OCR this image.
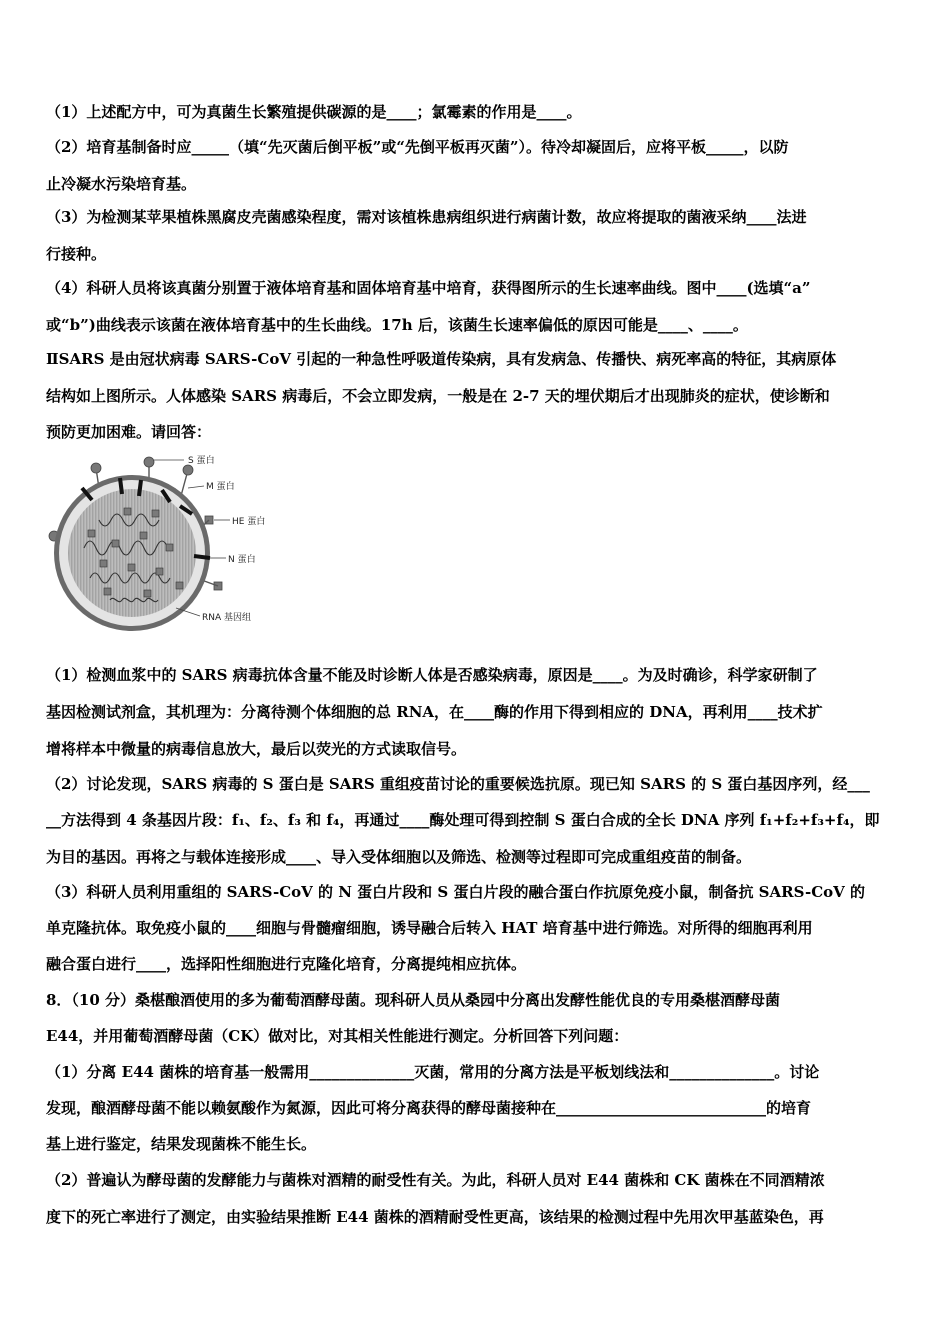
（1）上述配方中，可为真菌生长繁殖提供碳源的是____；氯霉素的作用是____。
（2）培育基制备时应_____（填“先灭菌后倒平板”或“先倒平板再灭菌”）。待冷却凝固后，应将平板_____，以防
止冷凝水污染培育基。
（3）为检测某苹果植株黑腐皮壳菌感染程度，需对该植株患病组织进行病菌计数，故应将提取的菌液采纳____法进
行接种。
（4）科研人员将该真菌分别置于液体培育基和固体培育基中培育，获得图所示的生长速率曲线。图中____(选填“a”
或“b”)曲线表示该菌在液体培育基中的生长曲线。17h 后，该菌生长速率偏低的原因可能是____、____。
ⅡSARS 是由冠状病毒 SARS-CoV 引起的一种急性呼吸道传染病，具有发病急、传播快、病死率高的特征，其病原体
结构如上图所示。人体感染 SARS 病毒后，不会立即发病，一般是在 2-7 天的埋伏期后才出现肺炎的症状，使诊断和
预防更加困难。请回答：
S 蛋白
M 蛋白
HE 蛋白
N 蛋白
RNA 基因组
（1）检测血浆中的 SARS 病毒抗体含量不能及时诊断人体是否感染病毒，原因是____。为及时确诊，科学家研制了
基因检测试剂盒，其机理为：分离待测个体细胞的总 RNA，在____酶的作用下得到相应的 DNA，再利用____技术扩
增将样本中微量的病毒信息放大，最后以荧光的方式读取信号。
（2）讨论发现，SARS 病毒的 S 蛋白是 SARS 重组疫苗讨论的重要候选抗原。现已知 SARS 的 S 蛋白基因序列，经___
__方法得到 4 条基因片段：f₁、f₂、f₃ 和 f₄，再通过____酶处理可得到控制 S 蛋白合成的全长 DNA 序列 f₁+f₂+f₃+f₄，即
为目的基因。再将之与载体连接形成____、导入受体细胞以及筛选、检测等过程即可完成重组疫苗的制备。
（3）科研人员利用重组的 SARS-CoV 的 N 蛋白片段和 S 蛋白片段的融合蛋白作抗原免疫小鼠，制备抗 SARS-CoV 的
单克隆抗体。取免疫小鼠的____细胞与骨髓瘤细胞，诱导融合后转入 HAT 培育基中进行筛选。对所得的细胞再利用
融合蛋白进行____，选择阳性细胞进行克隆化培育，分离提纯相应抗体。
8．（10 分）桑椹酿酒使用的多为葡萄酒酵母菌。现科研人员从桑园中分离出发酵性能优良的专用桑椹酒酵母菌
E44，并用葡萄酒酵母菌（CK）做对比，对其相关性能进行测定。分析回答下列问题：
（1）分离 E44 菌株的培育基一般需用______________灭菌，常用的分离方法是平板划线法和______________。讨论
发现，酿酒酵母菌不能以赖氨酸作为氮源，因此可将分离获得的酵母菌接种在____________________________的培育
基上进行鉴定，结果发现菌株不能生长。
（2）普遍认为酵母菌的发酵能力与菌株对酒精的耐受性有关。为此，科研人员对 E44 菌株和 CK 菌株在不同酒精浓
度下的死亡率进行了测定，由实验结果推断 E44 菌株的酒精耐受性更高，该结果的检测过程中先用次甲基蓝染色，再
